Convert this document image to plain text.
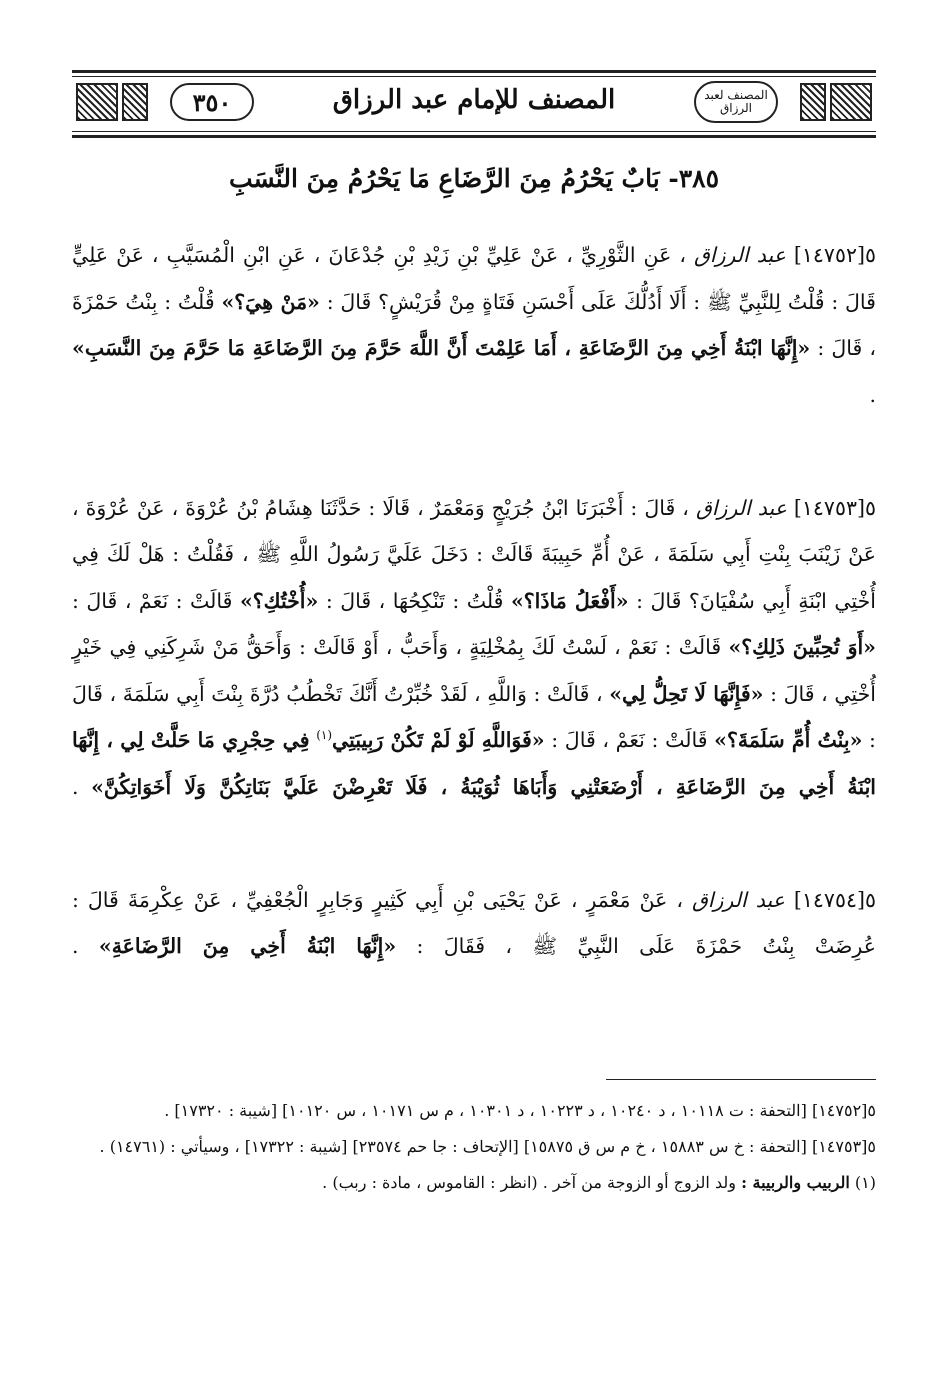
٣٥٠	المصنف للإمام عبد الرزاق	المصنف لعبد الرزاق
٣٨٥- بَابٌ يَحْرُمُ مِنَ الرَّضَاعِ مَا يَحْرُمُ مِنَ النَّسَبِ

٥[١٤٧٥٢] عبد الرزاق ، عَنِ الثَّوْرِيِّ ، عَنْ عَلِيِّ بْنِ زَيْدِ بْنِ جُدْعَانَ ، عَنِ ابْنِ الْمُسَيَّبِ ، عَنْ عَلِيٍّ قَالَ : قُلْتُ لِلنَّبِيِّ ﷺ : أَلَا أَدُلُّكَ عَلَى أَحْسَنِ فَتَاةٍ مِنْ قُرَيْشٍ؟ قَالَ : «مَنْ هِيَ؟» قُلْتُ : بِنْتُ حَمْزَةَ ، قَالَ : «إِنَّهَا ابْنَةُ أَخِي مِنَ الرَّضَاعَةِ ، أَمَا عَلِمْتَ أَنَّ اللَّهَ حَرَّمَ مِنَ الرَّضَاعَةِ مَا حَرَّمَ مِنَ النَّسَبِ» .

٥[١٤٧٥٣] عبد الرزاق ، قَالَ : أَخْبَرَنَا ابْنُ جُرَيْجٍ وَمَعْمَرٌ ، قَالَا : حَدَّثَنَا هِشَامُ بْنُ عُرْوَةَ ، عَنْ عُرْوَةَ ، عَنْ زَيْنَبَ بِنْتِ أَبِي سَلَمَةَ ، عَنْ أُمِّ حَبِيبَةَ قَالَتْ : دَخَلَ عَلَيَّ رَسُولُ اللَّهِ ﷺ ، فَقُلْتُ : هَلْ لَكَ فِي أُخْتِي ابْنَةِ أَبِي سُفْيَانَ؟ قَالَ : «أَفْعَلُ مَاذَا؟» قُلْتُ : تَنْكِحُهَا ، قَالَ : «أُخْتُكِ؟» قَالَتْ : نَعَمْ ، قَالَ : «أَوَ تُحِبِّينَ ذَلِكِ؟» قَالَتْ : نَعَمْ ، لَسْتُ لَكَ بِمُخْلِيَةٍ ، وَأَحَبُّ ، أَوْ قَالَتْ : وَأَحَقُّ مَنْ شَرِكَنِي فِي خَيْرٍ أُخْتِي ، قَالَ : «فَإِنَّهَا لَا تَحِلُّ لِي» ، قَالَتْ : وَاللَّهِ ، لَقَدْ خُبِّرْتُ أَنَّكَ تَخْطُبُ دُرَّةَ بِنْتَ أَبِي سَلَمَةَ ، قَالَ : «بِنْتُ أُمِّ سَلَمَةَ؟» قَالَتْ : نَعَمْ ، قَالَ : «فَوَاللَّهِ لَوْ لَمْ تَكُنْ رَبِيبَتِي$^{(١)}$ فِي حِجْرِي مَا حَلَّتْ لِي ، إِنَّهَا ابْنَةُ أَخِي مِنَ الرَّضَاعَةِ ، أَرْضَعَتْنِي وَأَبَاهَا ثُوَيْبَةُ ، فَلَا تَعْرِضْنَ عَلَيَّ بَنَاتِكُنَّ وَلَا أَخَوَاتِكُنَّ» .

٥[١٤٧٥٤] عبد الرزاق ، عَنْ مَعْمَرٍ ، عَنْ يَحْيَى بْنِ أَبِي كَثِيرٍ وَجَابِرٍ الْجُعْفِيِّ ، عَنْ عِكْرِمَةَ قَالَ : عُرِضَتْ بِنْتُ حَمْزَةَ عَلَى النَّبِيِّ ﷺ ، فَقَالَ : «إِنَّهَا ابْنَةُ أَخِي مِنَ الرَّضَاعَةِ» .

٥[١٤٧٥٢] [التحفة : ت ١٠١١٨ ، د ١٠٢٤٠ ، د ١٠٢٢٣ ، د ١٠٣٠١ ، م س ١٠١٧١ ، س ١٠١٢٠] [شيبة : ١٧٣٢٠] .

٥[١٤٧٥٣] [التحفة : خ س ١٥٨٨٣ ، خ م س ق ١٥٨٧٥] [الإتحاف : جا حم ٢٣٥٧٤] [شيبة : ١٧٣٢٢] ، وسيأتي : (١٤٧٦١) .

(١) الربيب والربيبة : ولد الزوج أو الزوجة من آخر . (انظر : القاموس ، مادة : ربب) .
